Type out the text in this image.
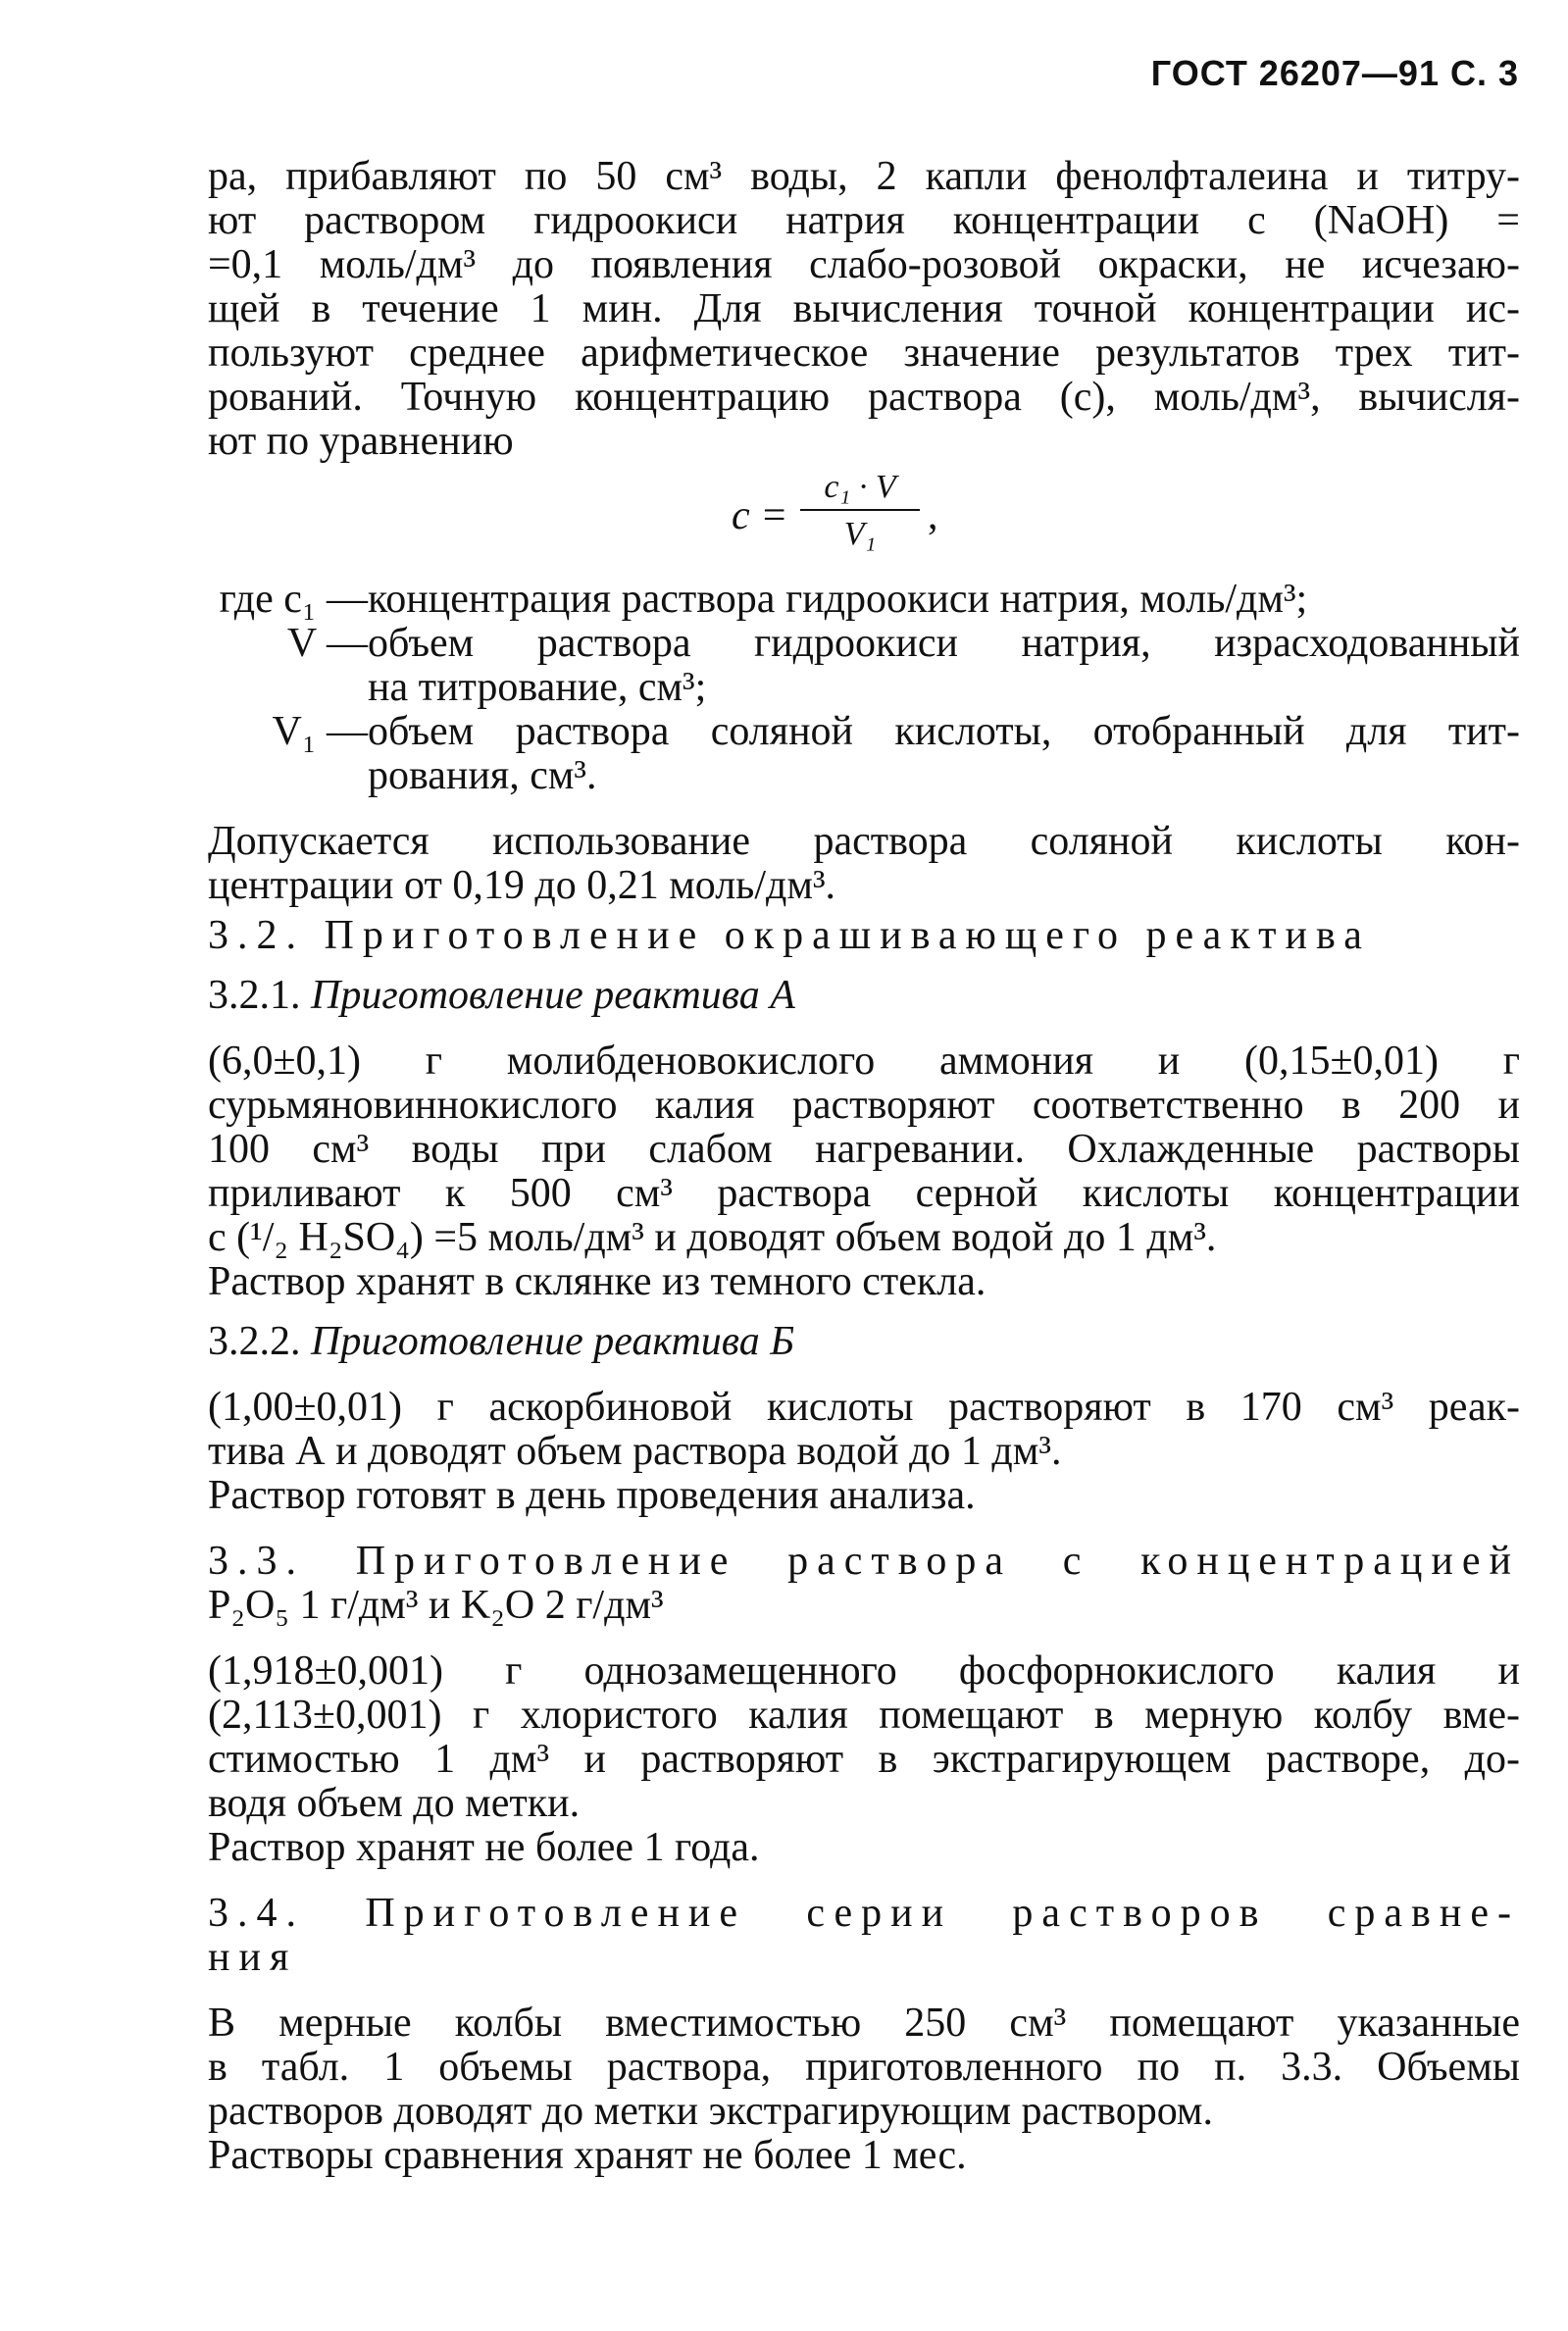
ГОСТ 26207—91 С. 3

ра, прибавляют по 50 см³ воды, 2 капли фенолфталеина и титру-

ют раствором гидроокиси натрия концентрации с (NaOH) =

=0,1 моль/дм³ до появления слабо-розовой окраски, не исчезаю-

щей в течение 1 мин. Для вычисления точной концентрации ис-

пользуют среднее арифметическое значение результатов трех тит-

рований. Точную концентрацию раствора (c), моль/дм³, вычисля-

ют по уравнению

c =
c₁ · V
V₁	,
где c₁ — концентрация раствора гидроокиси натрия, моль/дм³;
V — объем раствора гидроокиси натрия, израсходованный
на титрование, см³;
V₁ — объем раствора соляной кислоты, отобранный для тит-
рования, см³.

Допускается использование раствора соляной кислоты кон-

центрации от 0,19 до 0,21 моль/дм³.

3.2. Приготовление окрашивающего реактива

3.2.1. Приготовление реактива А

(6,0±0,1) г молибденовокислого аммония и (0,15±0,01) г

сурьмяновиннокислого калия растворяют соответственно в 200 и

100 см³ воды при слабом нагревании. Охлажденные растворы

приливают к 500 см³ раствора серной кислоты концентрации

с (¹/₂ H₂SO₄) =5 моль/дм³ и доводят объем водой до 1 дм³.

Раствор хранят в склянке из темного стекла.

3.2.2. Приготовление реактива Б

(1,00±0,01) г аскорбиновой кислоты растворяют в 170 см³ реак-

тива А и доводят объем раствора водой до 1 дм³.

Раствор готовят в день проведения анализа.

3.3. Приготовление раствора с концентрацией

P₂O₅ 1 г/дм³ и K₂O 2 г/дм³

(1,918±0,001) г однозамещенного фосфорнокислого калия и

(2,113±0,001) г хлористого калия помещают в мерную колбу вме-

стимостью 1 дм³ и растворяют в экстрагирующем растворе, до-

водя объем до метки.

Раствор хранят не более 1 года.

3.4. Приготовление серии растворов сравне-

ния

В мерные колбы вместимостью 250 см³ помещают указанные

в табл. 1 объемы раствора, приготовленного по п. 3.3. Объемы

растворов доводят до метки экстрагирующим раствором.

Растворы сравнения хранят не более 1 мес.
